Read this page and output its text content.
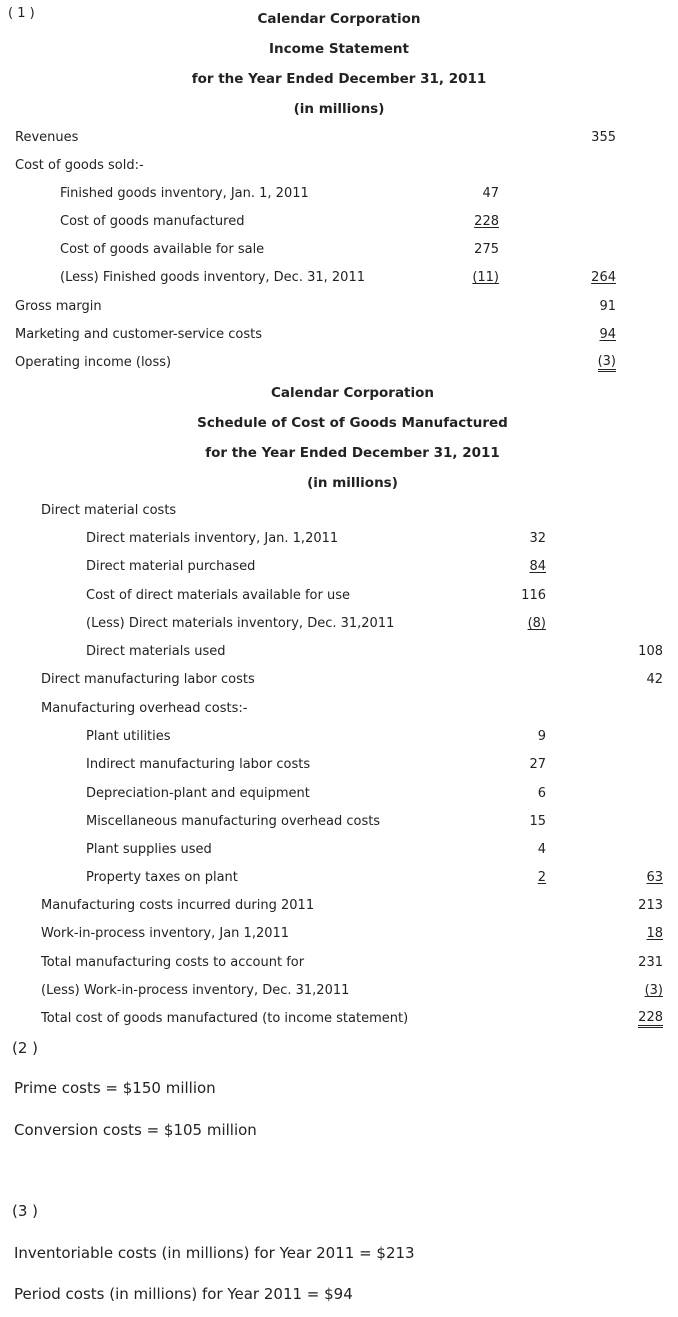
( 1 )	Calendar Corporation
Income Statement
for the Year Ended December 31, 2011
(in millions)
Revenues	355
Cost of goods sold:-
Finished goods inventory, Jan. 1, 2011	47
Cost of goods manufactured	228
Cost of goods available for sale	275
(Less) Finished goods inventory, Dec. 31, 2011	(11)	264
Gross margin	91
Marketing and customer-service costs	94
Operating income (loss)	(3)
Calendar Corporation
Schedule of Cost of Goods Manufactured
for the Year Ended December 31, 2011
(in millions)
Direct material costs
Direct materials inventory, Jan. 1,2011	32
Direct material purchased	84
Cost of direct materials available for use	116
(Less) Direct materials inventory, Dec. 31,2011	(8)
Direct materials used	108
Direct manufacturing labor costs	42
Manufacturing overhead costs:-
Plant utilities	9
Indirect manufacturing labor costs	27
Depreciation-plant and equipment	6
Miscellaneous manufacturing overhead costs	15
Plant supplies used	4
Property taxes on plant	2	63
Manufacturing costs incurred during 2011	213
Work-in-process inventory, Jan 1,2011	18
Total manufacturing costs to account for	231
(Less) Work-in-process inventory, Dec. 31,2011	(3)
Total cost of goods manufactured (to income statement)	228
(2 )
Prime costs = $150 million
Conversion costs = $105 million
(3 )
Inventoriable costs (in millions) for Year 2011 = $213
Period costs (in millions) for Year 2011 = $94
